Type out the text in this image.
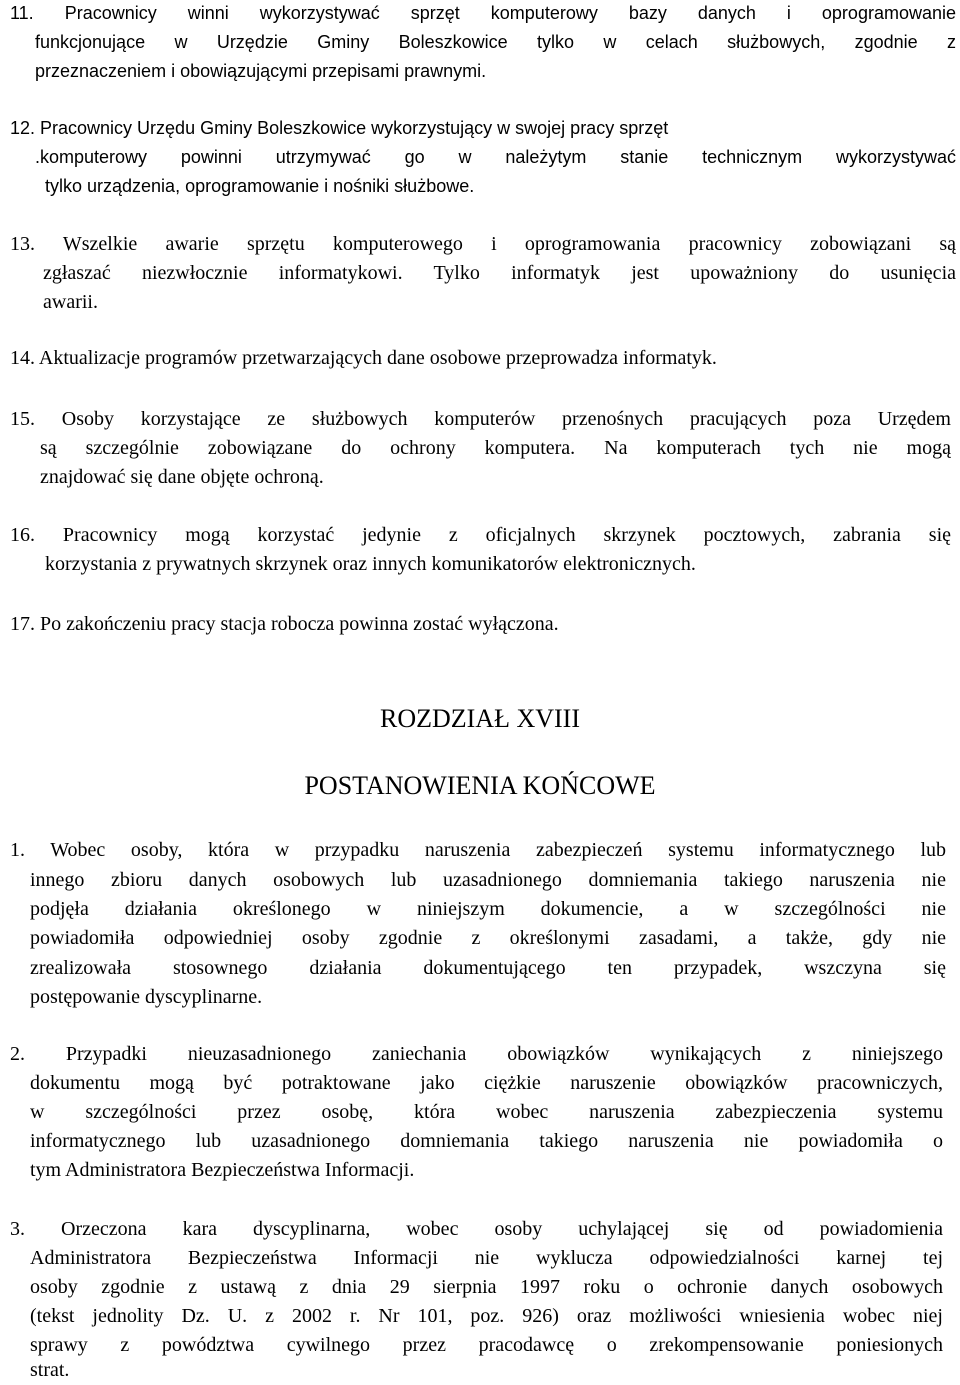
11. Pracownicy winni wykorzystywać sprzęt komputerowy bazy danych i oprogramowanie
funkcjonujące w Urzędzie Gminy Boleszkowice tylko w celach służbowych, zgodnie z
przeznaczeniem i obowiązującymi przepisami prawnymi.
12. Pracownicy Urzędu Gminy Boleszkowice wykorzystujący w swojej pracy sprzęt
.komputerowy powinni utrzymywać go w należytym stanie technicznym wykorzystywać
tylko urządzenia, oprogramowanie i nośniki służbowe.
13. Wszelkie awarie sprzętu komputerowego i oprogramowania pracownicy zobowiązani są
zgłaszać niezwłocznie informatykowi. Tylko informatyk jest upoważniony do usunięcia
awarii.
14. Aktualizacje programów przetwarzających dane osobowe przeprowadza informatyk.
15. Osoby korzystające ze służbowych komputerów przenośnych pracujących poza Urzędem
są szczególnie zobowiązane do ochrony komputera. Na komputerach tych nie mogą
znajdować się dane objęte ochroną.
16. Pracownicy mogą korzystać jedynie z oficjalnych skrzynek pocztowych, zabrania się
korzystania z prywatnych skrzynek oraz innych komunikatorów elektronicznych.
17. Po zakończeniu pracy stacja robocza powinna zostać wyłączona.
ROZDZIAŁ XVIII
POSTANOWIENIA KOŃCOWE
1. Wobec osoby, która w przypadku naruszenia zabezpieczeń systemu informatycznego lub
innego zbioru danych osobowych lub uzasadnionego domniemania takiego naruszenia nie
podjęła działania określonego w niniejszym dokumencie, a w szczególności nie
powiadomiła odpowiedniej osoby zgodnie z określonymi zasadami, a także, gdy nie
zrealizowała stosownego działania dokumentującego ten przypadek, wszczyna się
postępowanie dyscyplinarne.
2. Przypadki nieuzasadnionego zaniechania obowiązków wynikających z niniejszego
dokumentu mogą być potraktowane jako ciężkie naruszenie obowiązków pracowniczych,
w szczególności przez osobę, która wobec naruszenia zabezpieczenia systemu
informatycznego lub uzasadnionego domniemania takiego naruszenia nie powiadomiła o
tym Administratora Bezpieczeństwa Informacji.
3. Orzeczona kara dyscyplinarna, wobec osoby uchylającej się od powiadomienia
Administratora Bezpieczeństwa Informacji nie wyklucza odpowiedzialności karnej tej
osoby zgodnie z ustawą z dnia 29 sierpnia 1997 roku o ochronie danych osobowych
(tekst jednolity Dz. U. z 2002 r. Nr 101, poz. 926) oraz możliwości wniesienia wobec niej
sprawy z powództwa cywilnego przez pracodawcę o zrekompensowanie poniesionych
strat.
